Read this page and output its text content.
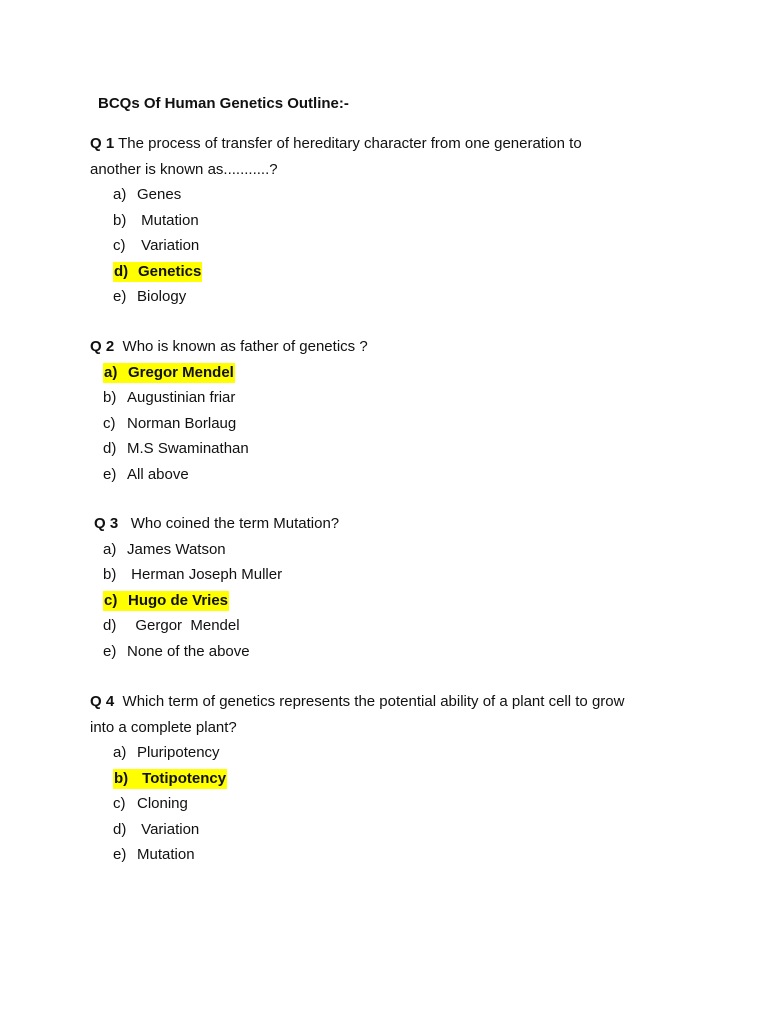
BCQs Of Human Genetics Outline:-

Q 1 The process of transfer of hereditary character from one generation to

another is known as...........?

a) Genes

b) Mutation

c) Variation

d) Genetics

e) Biology

Q 2 Who is known as father of genetics ?

a) Gregor Mendel

b) Augustinian friar

c) Norman Borlaug

d) M.S Swaminathan

e) All above

Q 3 Who coined the term Mutation?

a) James Watson

b) Herman Joseph Muller

c) Hugo de Vries

d) Gergor  Mendel

e) None of the above

Q 4 Which term of genetics represents the potential ability of a plant cell to grow

into a complete plant?

a) Pluripotency

b) Totipotency

c) Cloning

d) Variation

e) Mutation
